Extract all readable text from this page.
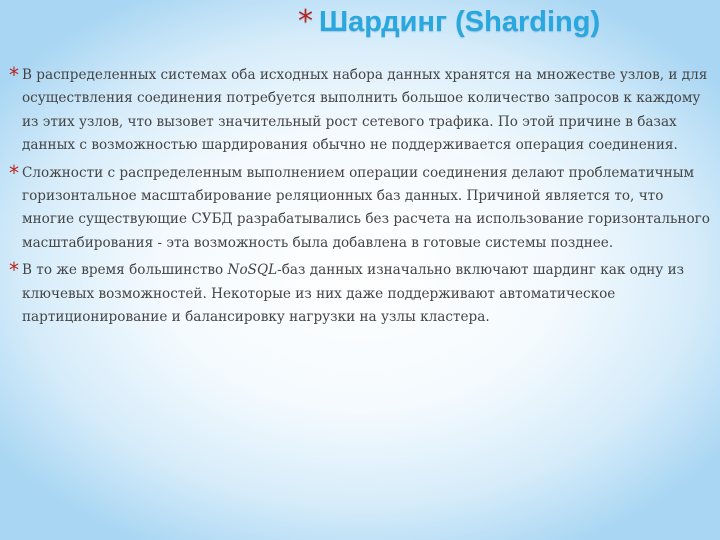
* Шардинг (Sharding)
* В распределенных системах оба исходных набора данных хранятся на множестве узлов, и для осуществления соединения потребуется выполнить большое количество запросов к каждому из этих узлов, что вызовет значительный рост сетевого трафика. По этой причине в базах данных с возможностью шардирования обычно не поддерживается операция соединения.
* Сложности с распределенным выполнением операции соединения делают проблематичным горизонтальное масштабирование реляционных баз данных. Причиной является то, что многие существующие СУБД разрабатывались без расчета на использование горизонтального масштабирования - эта возможность была добавлена в готовые системы позднее.
* В то же время большинство NoSQL-баз данных изначально включают шардинг как одну из ключевых возможностей. Некоторые из них даже поддерживают автоматическое партиционирование и балансировку нагрузки на узлы кластера.
